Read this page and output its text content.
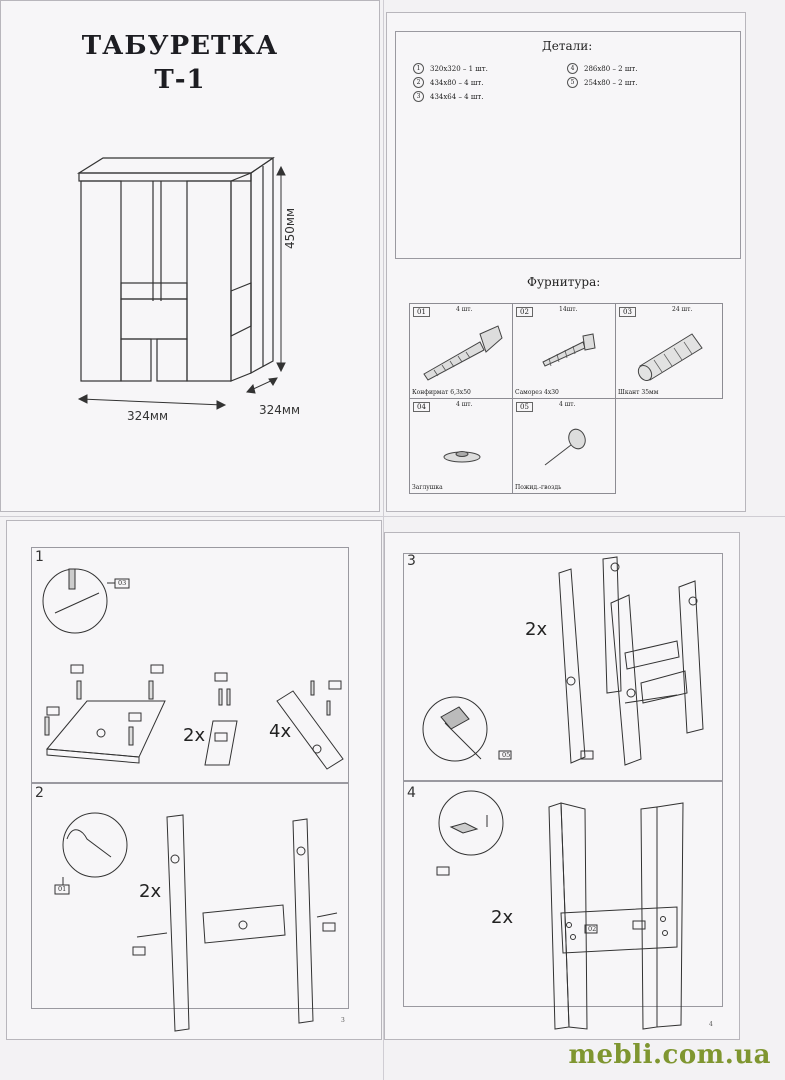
ТАБУРЕТКА
Т-1
450мм
324мм	324мм
Детали:
1	320x320 – 1 шт.
2	434x80 – 4 шт.
3	434x64 – 4 шт.
4	286x80 – 2 шт.
5	254x80 – 2 шт.
Фурнитура:
01	4 шт.
Конфирмат 6,3x50
02	14шт.
Саморез 4x30
03	24 шт.
Шкант 35мм
04	4 шт.
Заглушка
05	4 шт.
Пожид.-гвоздь
1
2
2x	4x
03
2x
01
3
3
4
2x
05
2x
02
4
mebli.com.ua
